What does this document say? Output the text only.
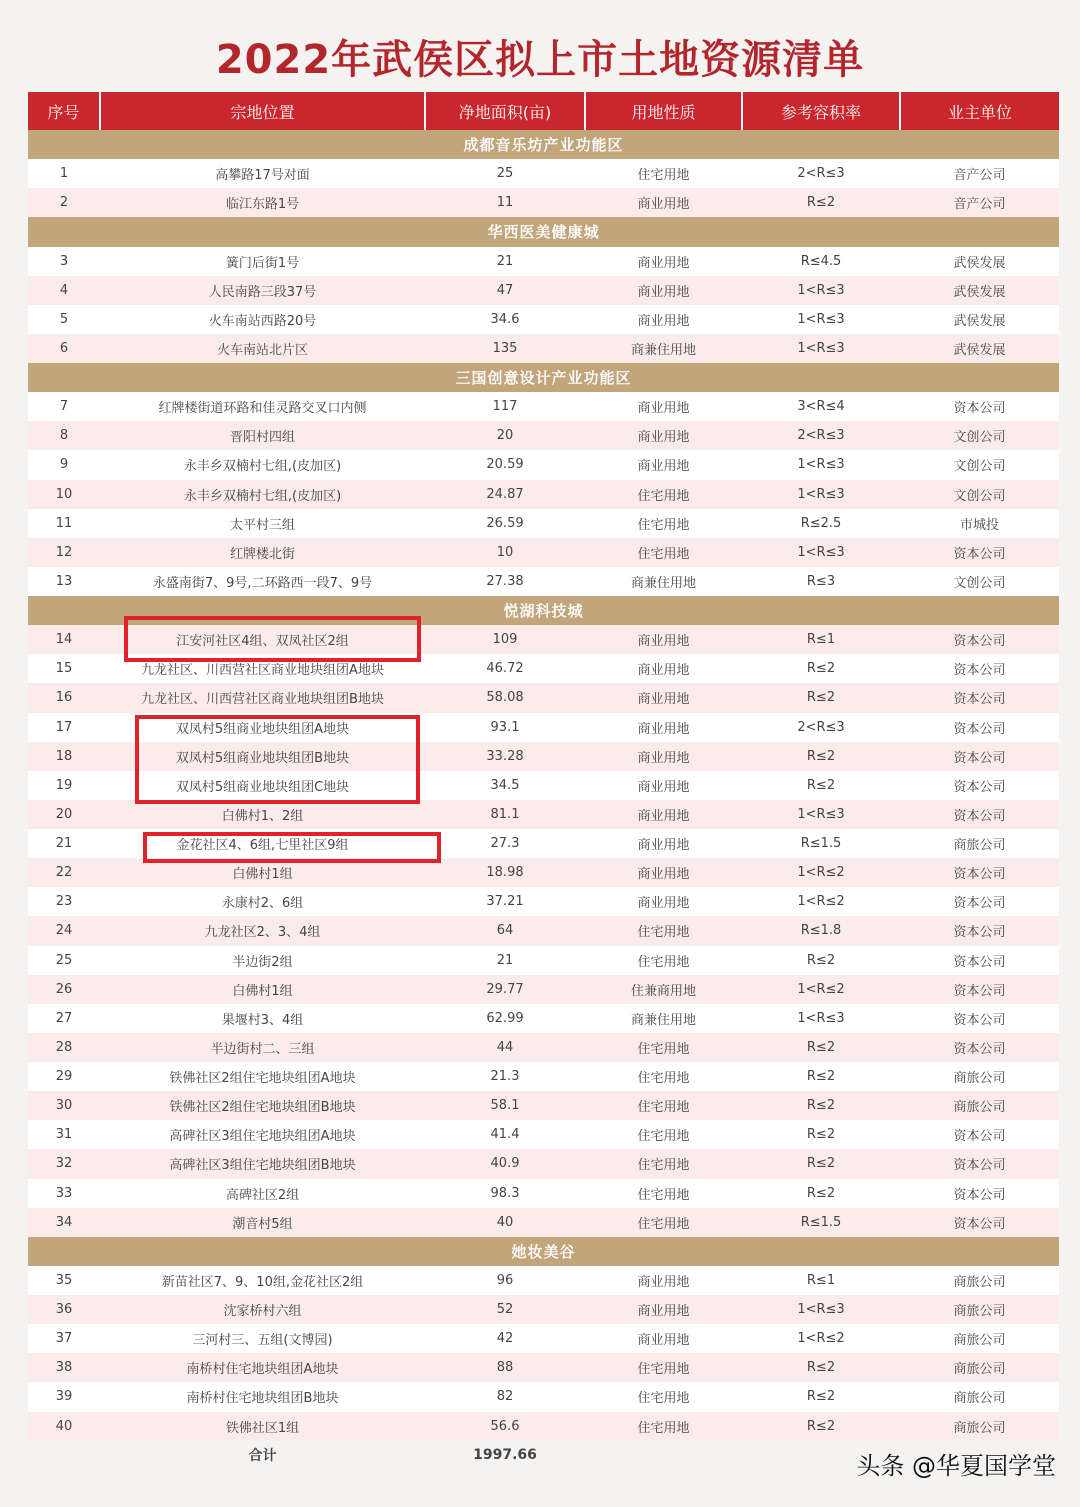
2022年武侯区拟上市土地资源清单
序号	宗地位置	净地面积(亩)	用地性质	参考容积率	业主单位
成都音乐坊产业功能区					
1	高攀路17号对面	25	住宅用地	2<R≤3	音产公司
2	临江东路1号	11	商业用地	R≤2	音产公司
华西医美健康城					
3	簧门后街1号	21	商业用地	R≤4.5	武侯发展
4	人民南路三段37号	47	商业用地	1<R≤3	武侯发展
5	火车南站西路20号	34.6	商业用地	1<R≤3	武侯发展
6	火车南站北片区	135	商兼住用地	1<R≤3	武侯发展
三国创意设计产业功能区					
7	红牌楼街道环路和佳灵路交叉口内侧	117	商业用地	3<R≤4	资本公司
8	晋阳村四组	20	商业用地	2<R≤3	文创公司
9	永丰乡双楠村七组,(皮加区)	20.59	商业用地	1<R≤3	文创公司
10	永丰乡双楠村七组,(皮加区)	24.87	住宅用地	1<R≤3	文创公司
11	太平村三组	26.59	住宅用地	R≤2.5	市城投
12	红牌楼北街	10	住宅用地	1<R≤3	资本公司
13	永盛南街7、9号,二环路西一段7、9号	27.38	商兼住用地	R≤3	文创公司
悦湖科技城					
14	江安河社区4组、双凤社区2组	109	商业用地	R≤1	资本公司
15	九龙社区、川西营社区商业地块组团A地块	46.72	商业用地	R≤2	资本公司
16	九龙社区、川西营社区商业地块组团B地块	58.08	商业用地	R≤2	资本公司
17	双凤村5组商业地块组团A地块	93.1	商业用地	2<R≤3	资本公司
18	双凤村5组商业地块组团B地块	33.28	商业用地	R≤2	资本公司
19	双凤村5组商业地块组团C地块	34.5	商业用地	R≤2	资本公司
20	白佛村1、2组	81.1	商业用地	1<R≤3	资本公司
21	金花社区4、6组,七里社区9组	27.3	商业用地	R≤1.5	商旅公司
22	白佛村1组	18.98	商业用地	1<R≤2	资本公司
23	永康村2、6组	37.21	商业用地	1<R≤2	资本公司
24	九龙社区2、3、4组	64	住宅用地	R≤1.8	资本公司
25	半边街2组	21	住宅用地	R≤2	资本公司
26	白佛村1组	29.77	住兼商用地	1<R≤2	资本公司
27	果堰村3、4组	62.99	商兼住用地	1<R≤3	资本公司
28	半边街村二、三组	44	住宅用地	R≤2	资本公司
29	铁佛社区2组住宅地块组团A地块	21.3	住宅用地	R≤2	商旅公司
30	铁佛社区2组住宅地块组团B地块	58.1	住宅用地	R≤2	商旅公司
31	高碑社区3组住宅地块组团A地块	41.4	住宅用地	R≤2	资本公司
32	高碑社区3组住宅地块组团B地块	40.9	住宅用地	R≤2	资本公司
33	高碑社区2组	98.3	住宅用地	R≤2	资本公司
34	潮音村5组	40	住宅用地	R≤1.5	资本公司
她妆美谷					
35	新苗社区7、9、10组,金花社区2组	96	商业用地	R≤1	商旅公司
36	沈家桥村六组	52	商业用地	1<R≤3	商旅公司
37	三河村三、五组(文博园)	42	商业用地	1<R≤2	商旅公司
38	南桥村住宅地块组团A地块	88	住宅用地	R≤2	商旅公司
39	南桥村住宅地块组团B地块	82	住宅用地	R≤2	商旅公司
40	铁佛社区1组	56.6	住宅用地	R≤2	商旅公司
	合计	1997.66				头条 @华夏国学堂
